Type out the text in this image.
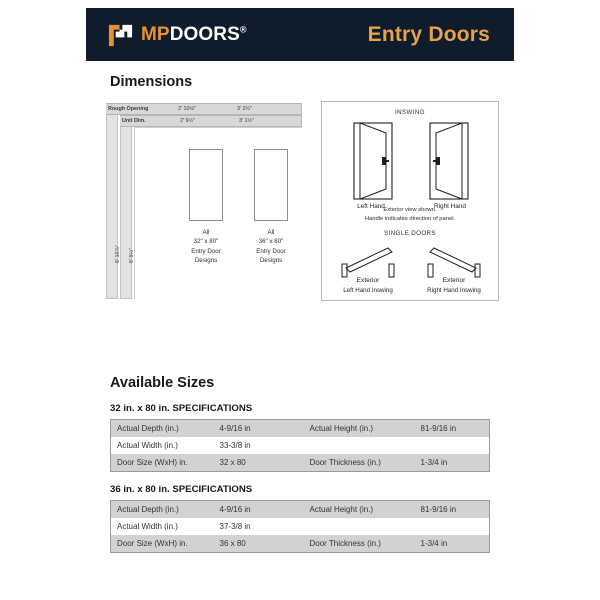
MPDOORS®	Entry Doors
Dimensions
Rough Opening	2' 10⅛"	3' 2¼"
Unit Dim.	2' 9½"	3' 1½"
6' 10⅞" 6' 9½"
All
32" x 80"
Entry Door
Designs
All
36" x 80"
Entry Door
Designs
INSWING
Left Hand	Right Hand
Exterior view shown.
Handle indicates direction of panel.
SINGLE DOORS
Exterior
Left Hand Inswing
Exterior
Right Hand Inswing
Available Sizes
32 in. x 80 in. SPECIFICATIONS
Actual Depth (in.)	4-9/16 in	Actual Height (in.)	81-9/16 in
Actual Width (in.)	33-3/8 in		
Door Size (WxH) in.	32 x 80	Door Thickness (in.)	1-3/4 in
36 in. x 80 in. SPECIFICATIONS
Actual Depth (in.)	4-9/16 in	Actual Height (in.)	81-9/16 in
Actual Width (in.)	37-3/8 in		
Door Size (WxH) in.	36 x 80	Door Thickness (in.)	1-3/4 in
